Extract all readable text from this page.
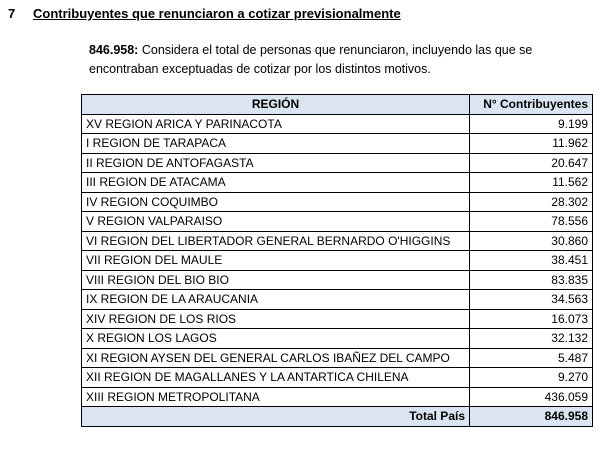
7 Contribuyentes que renunciaron a cotizar previsionalmente
846.958: Considera el total de personas que renunciaron, incluyendo las que se encontraban exceptuadas de cotizar por los distintos motivos.
REGIÓN	N° Contribuyentes
XV REGION ARICA Y PARINACOTA	9.199
I REGION DE TARAPACA	11.962
II REGION DE ANTOFAGASTA	20.647
III REGION DE ATACAMA	11.562
IV REGION COQUIMBO	28.302
V REGION VALPARAISO	78.556
VI REGION DEL LIBERTADOR GENERAL BERNARDO O'HIGGINS	30.860
VII REGION DEL MAULE	38.451
VIII REGION DEL BIO BIO	83.835
IX REGION DE LA ARAUCANIA	34.563
XIV REGION DE LOS RIOS	16.073
X REGION LOS LAGOS	32.132
XI REGION AYSEN DEL GENERAL CARLOS IBAÑEZ DEL CAMPO	5.487
XII REGION DE MAGALLANES Y LA ANTARTICA CHILENA	9.270
XIII REGION METROPOLITANA	436.059
Total País	846.958
